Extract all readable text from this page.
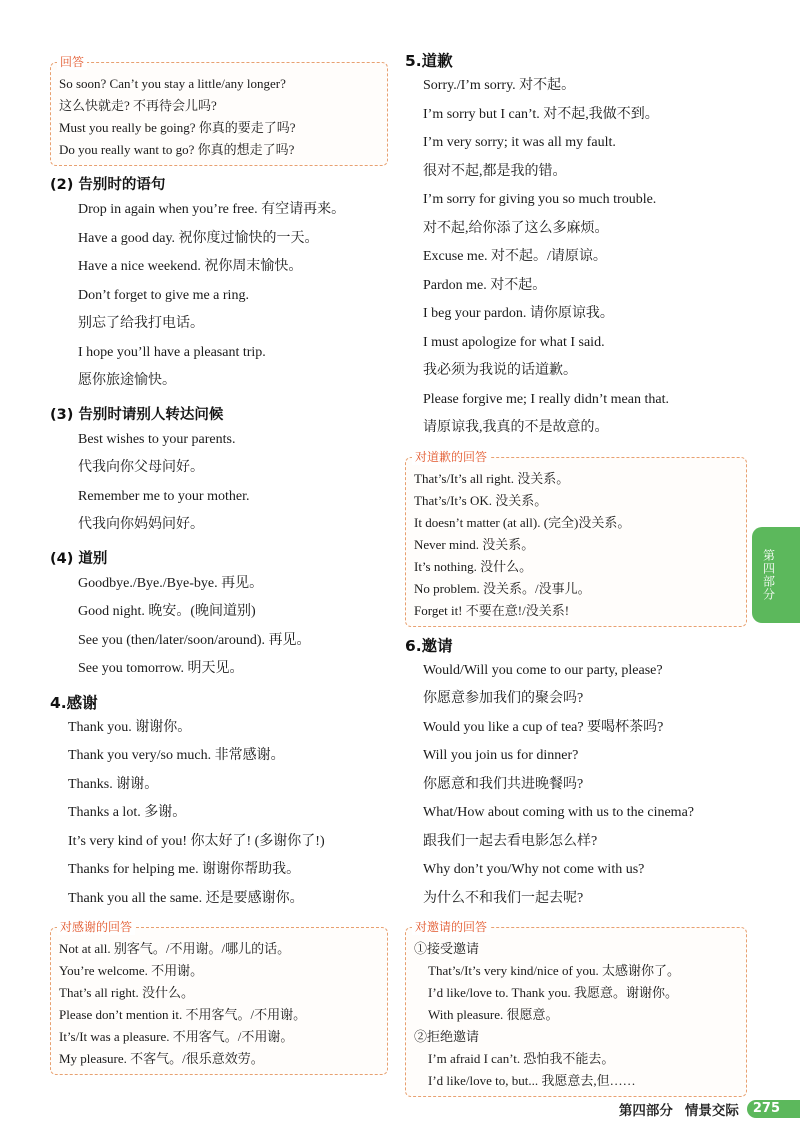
回答
So soon? Can’t you stay a little/any longer?
这么快就走? 不再待会儿吗?
Must you really be going? 你真的要走了吗?
Do you really want to go? 你真的想走了吗?
(2) 告别时的语句
Drop in again when you’re free. 有空请再来。
Have a good day. 祝你度过愉快的一天。
Have a nice weekend. 祝你周末愉快。
Don’t forget to give me a ring.
别忘了给我打电话。
I hope you’ll have a pleasant trip.
愿你旅途愉快。
(3) 告别时请别人转达问候
Best wishes to your parents.
代我向你父母问好。
Remember me to your mother.
代我向你妈妈问好。
(4) 道别
Goodbye./Bye./Bye-bye. 再见。
Good night. 晚安。(晚间道别)
See you (then/later/soon/around). 再见。
See you tomorrow. 明天见。
4.感谢
Thank you. 谢谢你。
Thank you very/so much. 非常感谢。
Thanks. 谢谢。
Thanks a lot. 多谢。
It’s very kind of you! 你太好了! (多谢你了!)
Thanks for helping me. 谢谢你帮助我。
Thank you all the same. 还是要感谢你。
对感谢的回答
Not at all. 别客气。/不用谢。/哪儿的话。
You’re welcome. 不用谢。
That’s all right. 没什么。
Please don’t mention it. 不用客气。/不用谢。
It’s/It was a pleasure. 不用客气。/不用谢。
My pleasure. 不客气。/很乐意效劳。
5.道歉
Sorry./I’m sorry. 对不起。
I’m sorry but I can’t. 对不起,我做不到。
I’m very sorry; it was all my fault.
很对不起,都是我的错。
I’m sorry for giving you so much trouble.
对不起,给你添了这么多麻烦。
Excuse me. 对不起。/请原谅。
Pardon me. 对不起。
I beg your pardon. 请你原谅我。
I must apologize for what I said.
我必须为我说的话道歉。
Please forgive me; I really didn’t mean that.
请原谅我,我真的不是故意的。
对道歉的回答
That’s/It’s all right. 没关系。
That’s/It’s OK. 没关系。
It doesn’t matter (at all). (完全)没关系。
Never mind. 没关系。
It’s nothing. 没什么。
No problem. 没关系。/没事儿。
Forget it! 不要在意!/没关系!
6.邀请
Would/Will you come to our party, please?
你愿意参加我们的聚会吗?
Would you like a cup of tea? 要喝杯茶吗?
Will you join us for dinner?
你愿意和我们共进晚餐吗?
What/How about coming with us to the cinema?
跟我们一起去看电影怎么样?
Why don’t you/Why not come with us?
为什么不和我们一起去呢?
对邀请的回答
①接受邀请
That’s/It’s very kind/nice of you. 太感谢你了。
I’d like/love to. Thank you. 我愿意。谢谢你。
With pleasure. 很愿意。
②拒绝邀请
I’m afraid I can’t. 恐怕我不能去。
I’d like/love to, but... 我愿意去,但……
第四部分
第四部分 情景交际	275
